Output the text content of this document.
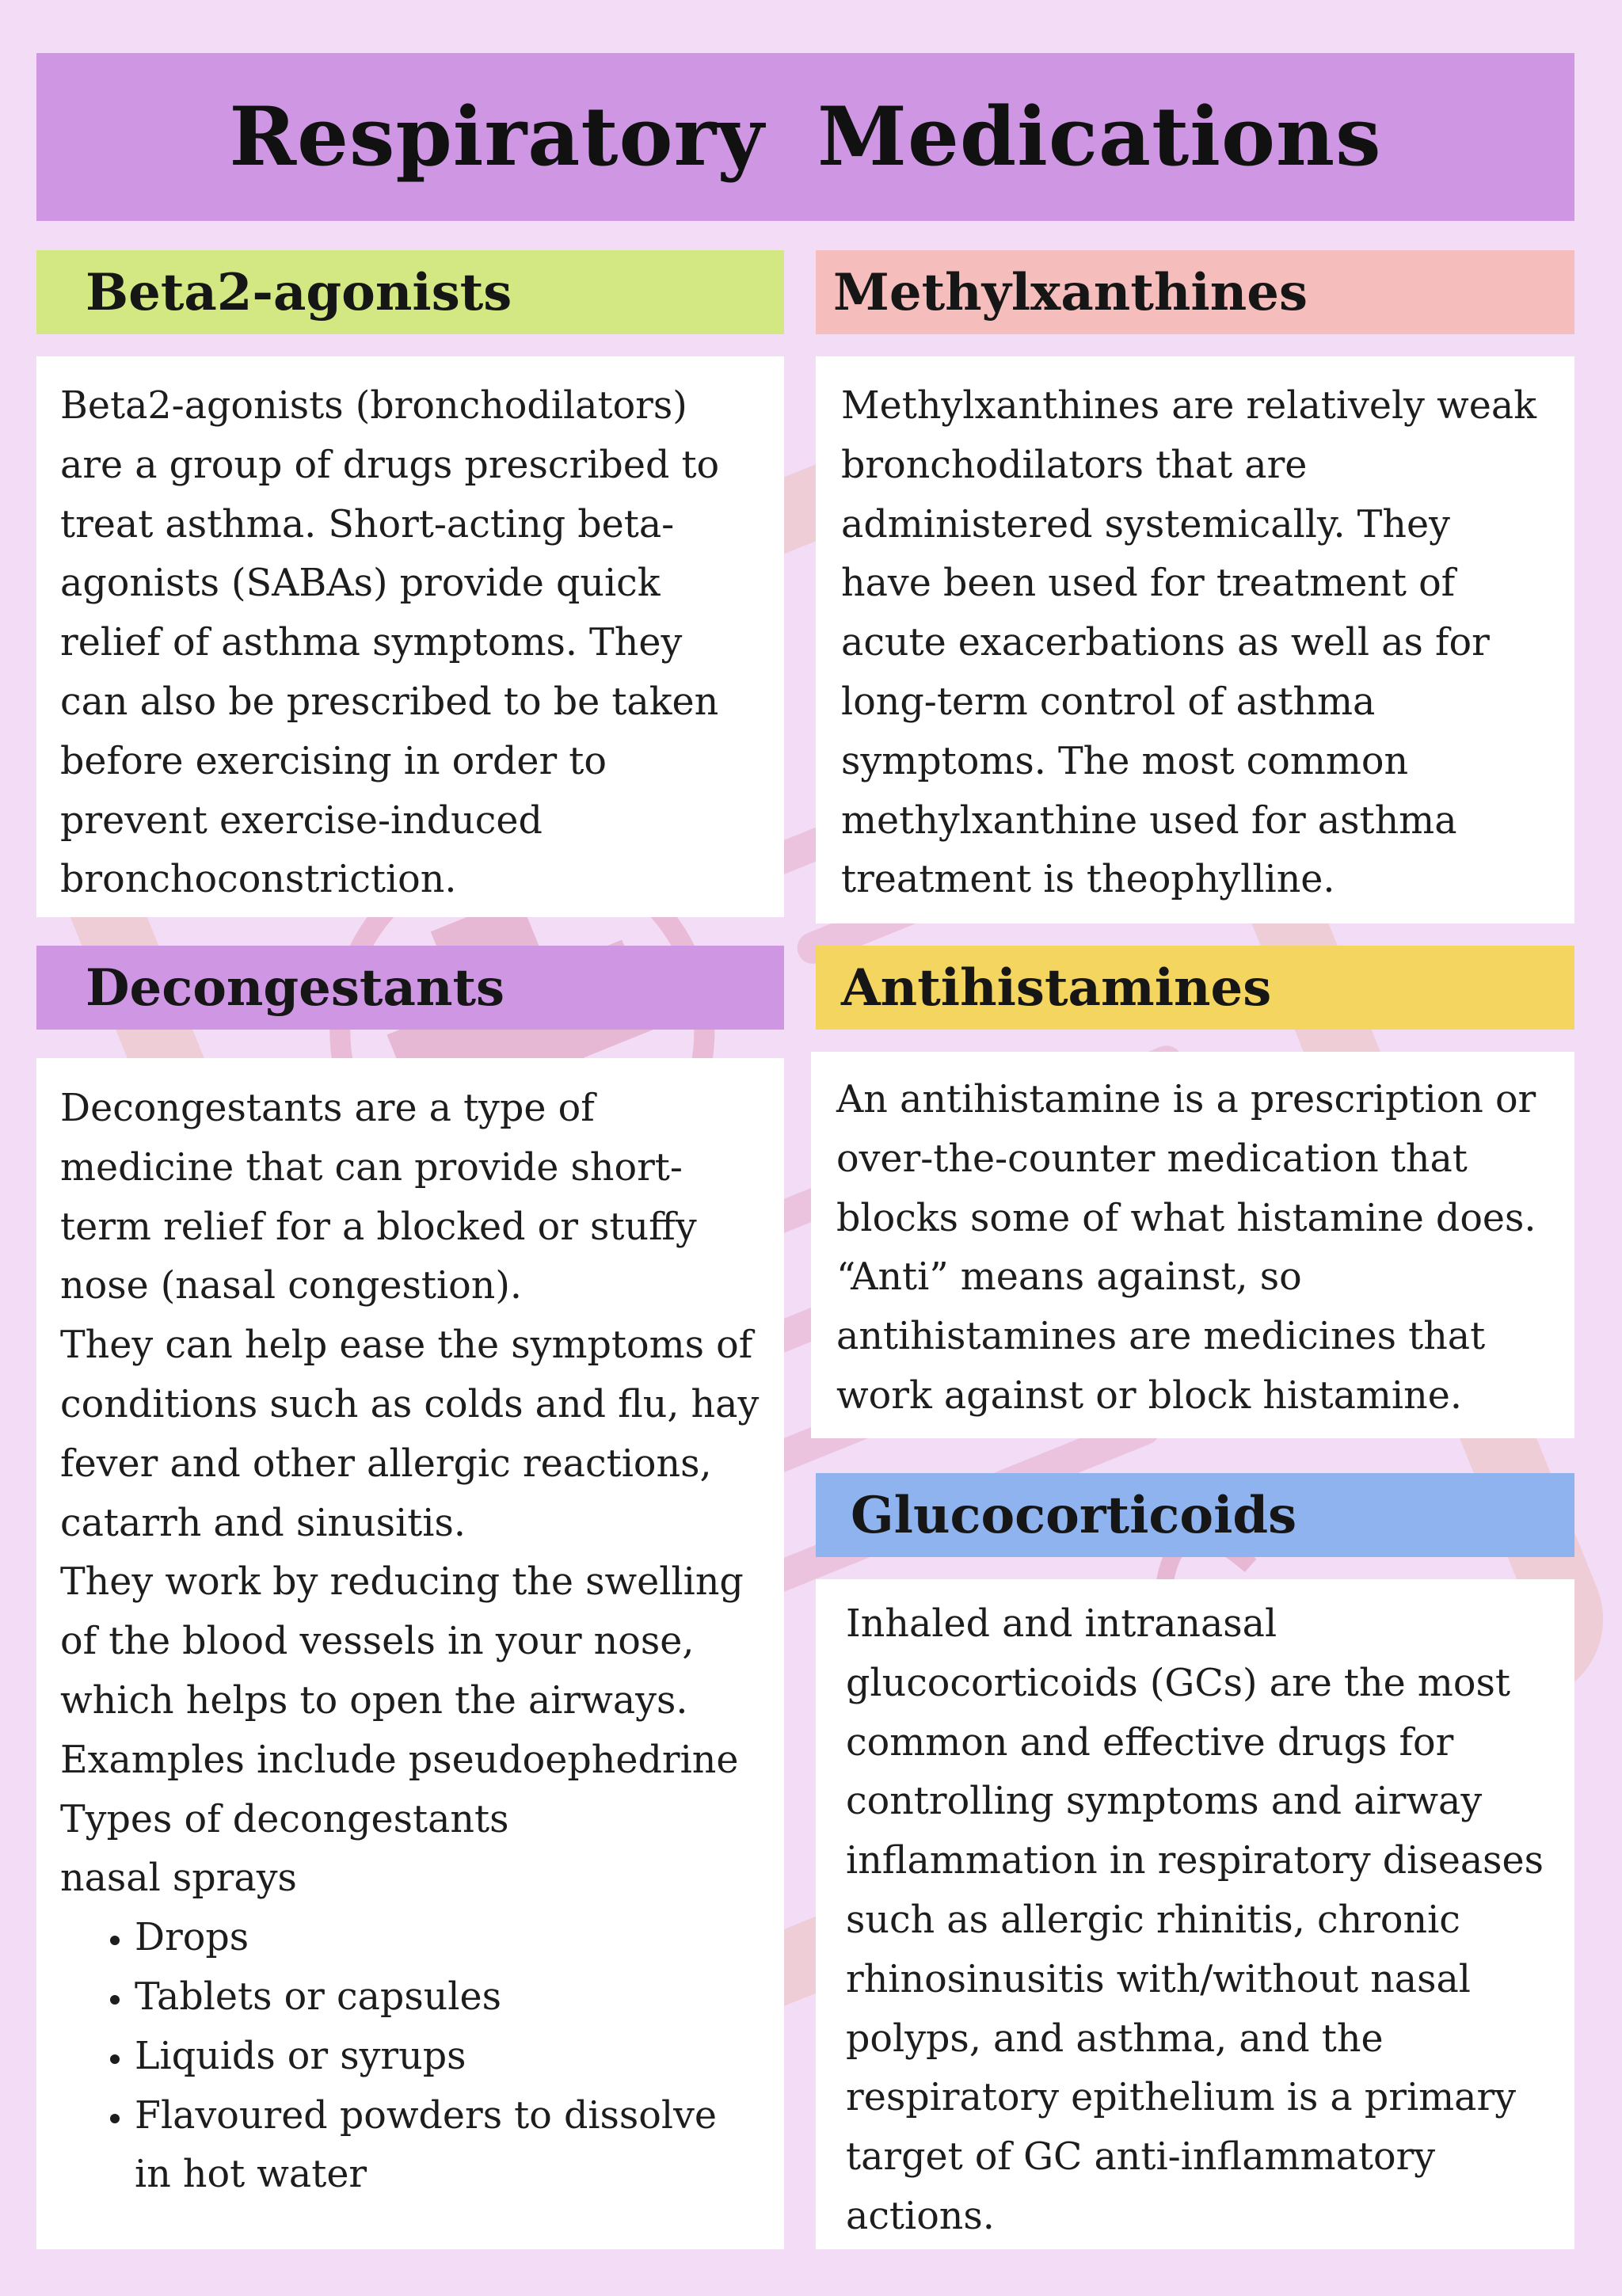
Respiratory Medications
Beta2-agonists

Beta2-agonists (bronchodilators) are a group of drugs prescribed to treat asthma. Short-acting beta-agonists (SABAs) provide quick relief of asthma symptoms. They can also be prescribed to be taken before exercising in order to prevent exercise-induced bronchoconstriction.

Methylxanthines

Methylxanthines are relatively weak bronchodilators that are administered systemically. They have been used for treatment of acute exacerbations as well as for long-term control of asthma symptoms. The most common methylxanthine used for asthma treatment is theophylline.

Decongestants

Decongestants are a type of medicine that can provide short-term relief for a blocked or stuffy nose (nasal congestion).

They can help ease the symptoms of conditions such as colds and flu, hay fever and other allergic reactions, catarrh and sinusitis.

They work by reducing the swelling of the blood vessels in your nose, which helps to open the airways.

Examples include pseudoephedrine

Types of decongestants

nasal sprays

• Drops
• Tablets or capsules
• Liquids or syrups
• Flavoured powders to dissolve in hot water
Antihistamines

An antihistamine is a prescription or over-the-counter medication that blocks some of what histamine does. “Anti” means against, so antihistamines are medicines that work against or block histamine.

Glucocorticoids

Inhaled and intranasal glucocorticoids (GCs) are the most common and effective drugs for controlling symptoms and airway inflammation in respiratory diseases such as allergic rhinitis, chronic rhinosinusitis with/without nasal polyps, and asthma, and the respiratory epithelium is a primary target of GC anti-inflammatory actions.
